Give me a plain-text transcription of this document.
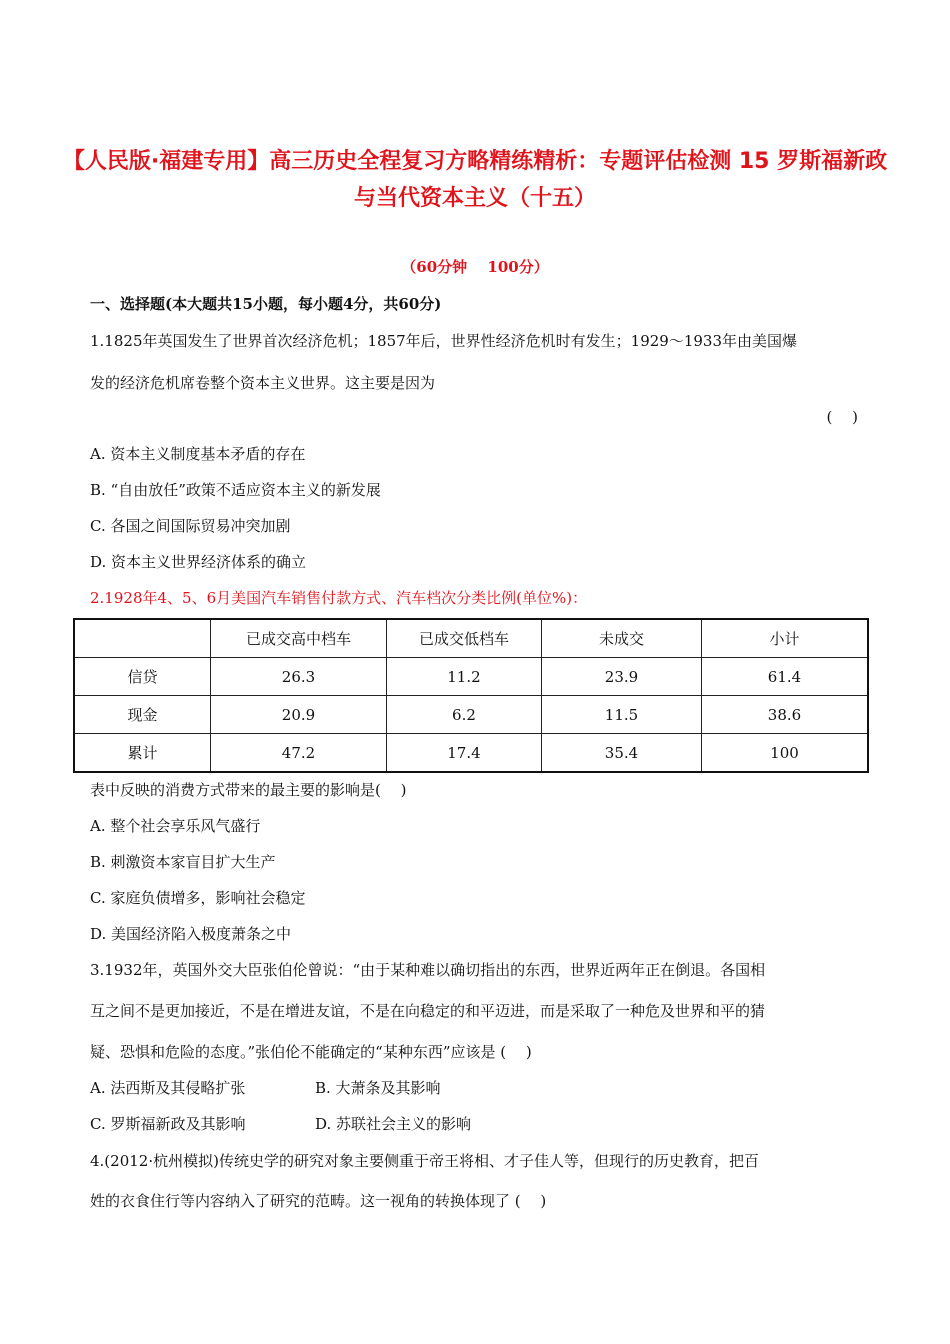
【人民版·福建专用】高三历史全程复习方略精练精析：专题评估检测 15 罗斯福新政与当代资本主义（十五）
（60分钟　 100分）
一、选择题(本大题共15小题，每小题4分，共60分)
1.1825年英国发生了世界首次经济危机；1857年后，世界性经济危机时有发生；1929～1933年由美国爆
发的经济危机席卷整个资本主义世界。这主要是因为
(　 )
A. 资本主义制度基本矛盾的存在
B. “自由放任”政策不适应资本主义的新发展
C. 各国之间国际贸易冲突加剧
D. 资本主义世界经济体系的确立
2.1928年4、5、6月美国汽车销售付款方式、汽车档次分类比例(单位%)：
	已成交高中档车	已成交低档车	未成交	小计
信贷	26.3	11.2	23.9	61.4
现金	20.9	6.2	11.5	38.6
累计	47.2	17.4	35.4	100
表中反映的消费方式带来的最主要的影响是(　 )
A. 整个社会享乐风气盛行
B. 刺激资本家盲目扩大生产
C. 家庭负债增多，影响社会稳定
D. 美国经济陷入极度萧条之中
3.1932年，英国外交大臣张伯伦曾说：“由于某种难以确切指出的东西，世界近两年正在倒退。各国相
互之间不是更加接近，不是在增进友谊，不是在向稳定的和平迈进，而是采取了一种危及世界和平的猜
疑、恐惧和危险的态度。”张伯伦不能确定的“某种东西”应该是 (　 )
A. 法西斯及其侵略扩张	B. 大萧条及其影响
C. 罗斯福新政及其影响	D. 苏联社会主义的影响
4.(2012·杭州模拟)传统史学的研究对象主要侧重于帝王将相、才子佳人等，但现行的历史教育，把百
姓的衣食住行等内容纳入了研究的范畴。这一视角的转换体现了 (　 )
